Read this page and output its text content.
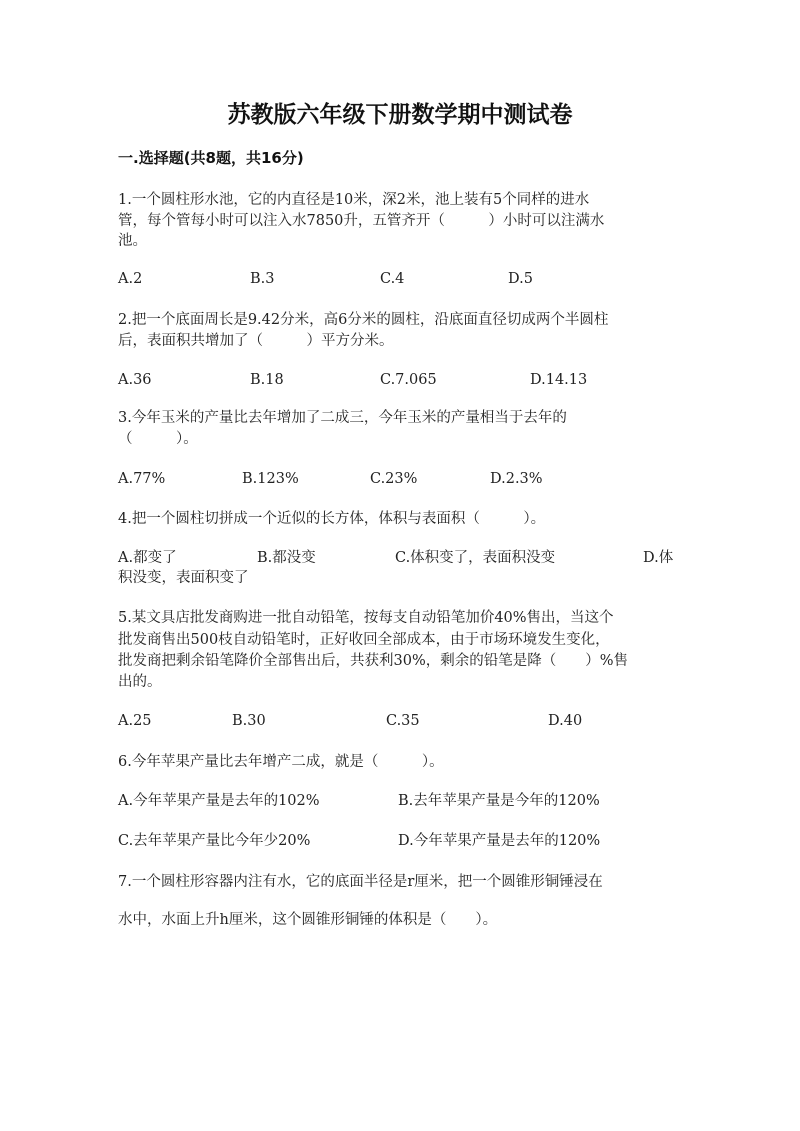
苏教版六年级下册数学期中测试卷
一.选择题(共8题，共16分)
1.一个圆柱形水池，它的内直径是10米，深2米，池上装有5个同样的进水
管，每个管每小时可以注入水7850升，五管齐开（　　　）小时可以注满水
池。
A.2	B.3	C.4	D.5
2.把一个底面周长是9.42分米，高6分米的圆柱，沿底面直径切成两个半圆柱
后，表面积共增加了（　　　）平方分米。
A.36	B.18	C.7.065	D.14.13
3.今年玉米的产量比去年增加了二成三，今年玉米的产量相当于去年的
（　　　）。
A.77%	B.123%	C.23%	D.2.3%
4.把一个圆柱切拼成一个近似的长方体，体积与表面积（　　　）。
A.都变了	B.都没变	C.体积变了，表面积没变	D.体
积没变，表面积变了
5.某文具店批发商购进一批自动铅笔，按每支自动铅笔加价40%售出，当这个
批发商售出500枝自动铅笔时，正好收回全部成本，由于市场环境发生变化，
批发商把剩余铅笔降价全部售出后，共获利30%，剩余的铅笔是降（　　）%售
出的。
A.25	B.30	C.35	D.40
6.今年苹果产量比去年增产二成，就是（　　　）。
A.今年苹果产量是去年的102%	B.去年苹果产量是今年的120%
C.去年苹果产量比今年少20%	D.今年苹果产量是去年的120%
7.一个圆柱形容器内注有水，它的底面半径是r厘米，把一个圆锥形铜锤浸在
水中，水面上升h厘米，这个圆锥形铜锤的体积是（　　）。
